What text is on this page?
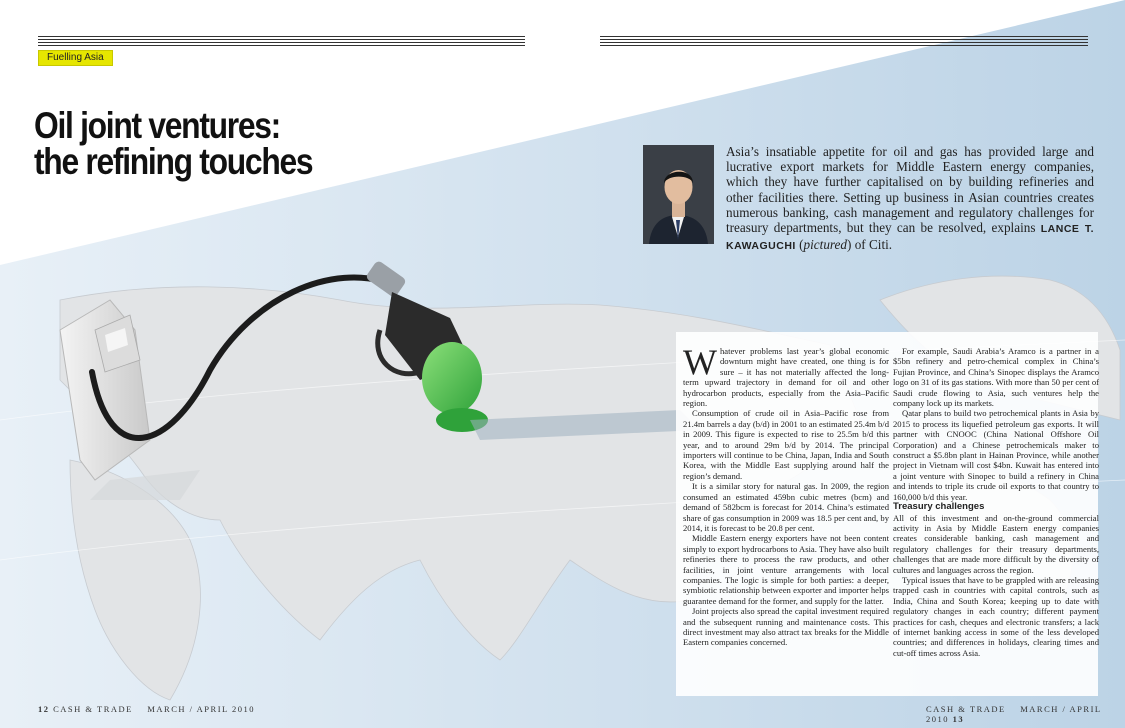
Fuelling Asia
Oil joint ventures:
the refining touches	Asia’s insatiable appetite for oil and gas has provided large and lucrative export markets for Middle Eastern energy companies, which they have further capitalised on by building refineries and other facilities there. Setting up business in Asian countries creates numerous banking, cash management and regulatory challenges for treasury departments, but they can be resolved, explains LANCE T. KAWAGUCHI (pictured) of Citi.

Whatever problems last year’s global economic downturn might have created, one thing is for sure – it has not materially affected the long-term upward trajectory in demand for oil and other hydrocarbon products, especially from the Asia–Pacific region.

Consumption of crude oil in Asia–Pacific rose from 21.4m barrels a day (b/d) in 2001 to an estimated 25.4m b/d in 2009. This figure is expected to rise to 25.5m b/d this year, and to around 29m b/d by 2014. The principal importers will continue to be China, Japan, India and South Korea, with the Middle East supplying around half the region’s demand.

It is a similar story for natural gas. In 2009, the region consumed an estimated 459bn cubic metres (bcm) and demand of 582bcm is forecast for 2014. China’s estimated share of gas consumption in 2009 was 18.5 per cent and, by 2014, it is forecast to be 20.8 per cent.

Middle Eastern energy exporters have not been content simply to export hydrocarbons to Asia. They have also built refineries there to process the raw products, and other facilities, in joint venture arrangements with local companies. The logic is simple for both parties: a deeper, symbiotic relationship between exporter and importer helps guarantee demand for the former, and supply for the latter.

Joint projects also spread the capital investment required and the subsequent running and maintenance costs. This direct investment may also attract tax breaks for the Middle Eastern companies concerned.

For example, Saudi Arabia’s Aramco is a partner in a $5bn refinery and petro-chemical complex in China’s Fujian Province, and China’s Sinopec displays the Aramco logo on 31 of its gas stations. With more than 50 per cent of Saudi crude flowing to Asia, such ventures help the company lock up its markets.

Qatar plans to build two petrochemical plants in Asia by 2015 to process its liquefied petroleum gas exports. It will partner with CNOOC (China National Offshore Oil Corporation) and a Chinese petrochemicals maker to construct a $5.8bn plant in Hainan Province, while another project in Vietnam will cost $4bn. Kuwait has entered into a joint venture with Sinopec to build a refinery in China and intends to triple its crude oil exports to that country to 160,000 b/d this year.

Treasury challenges

All of this investment and on-the-ground commercial activity in Asia by Middle Eastern energy companies creates considerable banking, cash management and regulatory challenges for their treasury departments, challenges that are made more difficult by the diversity of cultures and languages across the region.

Typical issues that have to be grappled with are releasing trapped cash in countries with capital controls, such as India, China and South Korea; keeping up to date with regulatory changes in each country; different payment practices for cash, cheques and electronic transfers; a lack of internet banking access in some of the less developed countries; and differences in holidays, clearing times and cut-off times across Asia.

12 CASH & TRADE MARCH / APRIL 2010	CASH & TRADE MARCH / APRIL 2010 13
